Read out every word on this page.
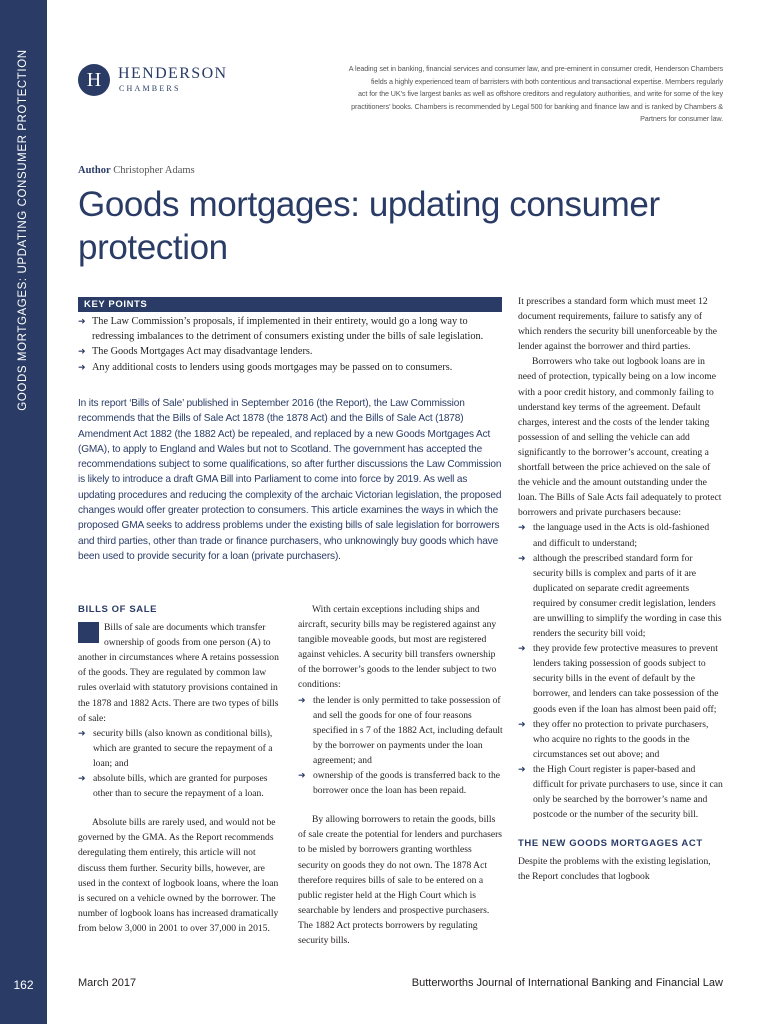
GOODS MORTGAGES: UPDATING CONSUMER PROTECTION
162
H	HENDERSON
CHAMBERS
A leading set in banking, financial services and consumer law, and pre-eminent in consumer credit, Henderson Chambers
fields a highly experienced team of barristers with both contentious and transactional expertise. Members regularly
act for the UK’s five largest banks as well as offshore creditors and regulatory authorities, and write for some of the key
practitioners’ books. Chambers is recommended by Legal 500 for banking and finance law and is ranked by Chambers &
Partners for consumer law.
Author Christopher Adams
Goods mortgages: updating consumer
protection
KEY POINTS
➜ The Law Commission’s proposals, if implemented in their entirety, would go a long way to redressing imbalances to the detriment of consumers existing under the bills of sale legislation.
➜ The Goods Mortgages Act may disadvantage lenders.
➜ Any additional costs to lenders using goods mortgages may be passed on to consumers.

In its report ‘Bills of Sale’ published in September 2016 (the Report), the Law Commission recommends that the Bills of Sale Act 1878 (the 1878 Act) and the Bills of Sale Act (1878) Amendment Act 1882 (the 1882 Act) be repealed, and replaced by a new Goods Mortgages Act (GMA), to apply to England and Wales but not to Scotland. The government has accepted the recommendations subject to some qualifications, so after further discussions the Law Commission is likely to introduce a draft GMA Bill into Parliament to come into force by 2019. As well as updating procedures and reducing the complexity of the archaic Victorian legislation, the proposed changes would offer greater protection to consumers. This article examines the ways in which the proposed GMA seeks to address problems under the existing bills of sale legislation for borrowers and third parties, other than trade or finance purchasers, who unknowingly buy goods which have been used to provide security for a loan (private purchasers).

BILLS OF SALE

Bills of sale are documents which transfer ownership of goods from one person (A) to another in circumstances where A retains possession of the goods. They are regulated by common law rules overlaid with statutory provisions contained in the 1878 and 1882 Acts. There are two types of bills of sale:

➜ security bills (also known as conditional bills), which are granted to secure the repayment of a loan; and
➜ absolute bills, which are granted for purposes other than to secure the repayment of a loan.

Absolute bills are rarely used, and would not be governed by the GMA. As the Report recommends deregulating them entirely, this article will not discuss them further. Security bills, however, are used in the context of logbook loans, where the loan is secured on a vehicle owned by the borrower. The number of logbook loans has increased dramatically from below 3,000 in 2001 to over 37,000 in 2015.

With certain exceptions including ships and aircraft, security bills may be registered against any tangible moveable goods, but most are registered against vehicles. A security bill transfers ownership of the borrower’s goods to the lender subject to two conditions:

➜ the lender is only permitted to take possession of and sell the goods for one of four reasons specified in s 7 of the 1882 Act, including default by the borrower on payments under the loan agreement; and
➜ ownership of the goods is transferred back to the borrower once the loan has been repaid.

By allowing borrowers to retain the goods, bills of sale create the potential for lenders and purchasers to be misled by borrowers granting worthless security on goods they do not own. The 1878 Act therefore requires bills of sale to be entered on a public register held at the High Court which is searchable by lenders and prospective purchasers. The 1882 Act protects borrowers by regulating security bills.

It prescribes a standard form which must meet 12 document requirements, failure to satisfy any of which renders the security bill unenforceable by the lender against the borrower and third parties.

Borrowers who take out logbook loans are in need of protection, typically being on a low income with a poor credit history, and commonly failing to understand key terms of the agreement. Default charges, interest and the costs of the lender taking possession of and selling the vehicle can add significantly to the borrower’s account, creating a shortfall between the price achieved on the sale of the vehicle and the amount outstanding under the loan. The Bills of Sale Acts fail adequately to protect borrowers and private purchasers because:

➜ the language used in the Acts is old-fashioned and difficult to understand;
➜ although the prescribed standard form for security bills is complex and parts of it are duplicated on separate credit agreements required by consumer credit legislation, lenders are unwilling to simplify the wording in case this renders the security bill void;
➜ they provide few protective measures to prevent lenders taking possession of goods subject to security bills in the event of default by the borrower, and lenders can take possession of the goods even if the loan has almost been paid off;
➜ they offer no protection to private purchasers, who acquire no rights to the goods in the circumstances set out above; and
➜ the High Court register is paper-based and difficult for private purchasers to use, since it can only be searched by the borrower’s name and postcode or the number of the security bill.
THE NEW GOODS MORTGAGES ACT

Despite the problems with the existing legislation, the Report concludes that logbook

March 2017	Butterworths Journal of International Banking and Financial Law
